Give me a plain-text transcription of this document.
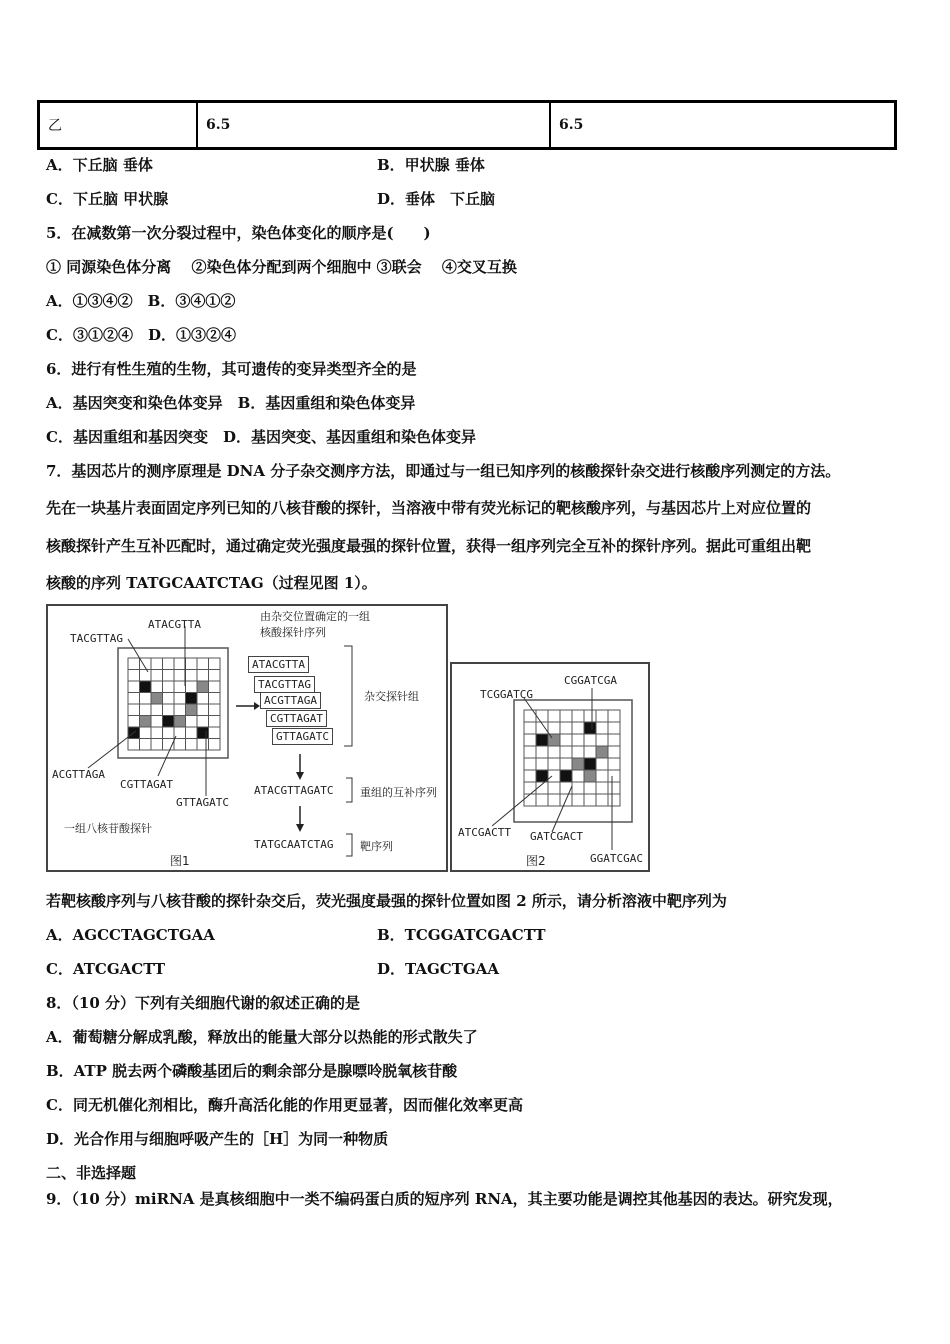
乙	6.5	6.5
A．下丘脑 垂体	B．甲状腺 垂体
C．下丘脑 甲状腺	D．垂体　下丘脑
5．在减数第一次分裂过程中，染色体变化的顺序是(　　)
① 同源染色体分离　 ②染色体分配到两个细胞中 ③联会　 ④交叉互换
A．①③④②　B．③④①②
C．③①②④　D．①③②④
6．进行有性生殖的生物，其可遗传的变异类型齐全的是
A．基因突变和染色体变异　B．基因重组和染色体变异
C．基因重组和基因突变　D．基因突变、基因重组和染色体变异
7．基因芯片的测序原理是 DNA 分子杂交测序方法，即通过与一组已知序列的核酸探针杂交进行核酸序列测定的方法。
先在一块基片表面固定序列已知的八核苷酸的探针，当溶液中带有荧光标记的靶核酸序列，与基因芯片上对应位置的
核酸探针产生互补匹配时，通过确定荧光强度最强的探针位置，获得一组序列完全互补的探针序列。据此可重组出靶
核酸的序列 TATGCAATCTAG（过程见图 1）。
TACGTTAG
ATACGTTA
ACGTTAGA
CGTTAGAT
GTTAGATC
由杂交位置确定的一组
核酸探针序列
ATACGTTA
TACGTTAG
ACGTTAGA
CGTTAGAT
GTTAGATC
杂交探针组
ATACGTTAGATC 重组的互补序列
TATGCAATCTAG 靶序列
一组八核苷酸探针
图1
CGGATCGA
TCGGATCG
ATCGACTT GATCGACT
GGATCGAC
图2
若靶核酸序列与八核苷酸的探针杂交后，荧光强度最强的探针位置如图 2 所示，请分析溶液中靶序列为
A．AGCCTAGCTGAA	B．TCGGATCGACTT
C．ATCGACTT	D．TAGCTGAA
8．（10 分）下列有关细胞代谢的叙述正确的是
A．葡萄糖分解成乳酸，释放出的能量大部分以热能的形式散失了
B．ATP 脱去两个磷酸基团后的剩余部分是腺嘌呤脱氧核苷酸
C．同无机催化剂相比，酶升高活化能的作用更显著，因而催化效率更高
D．光合作用与细胞呼吸产生的［H］为同一种物质
二、非选择题
9．（10 分）miRNA 是真核细胞中一类不编码蛋白质的短序列 RNA，其主要功能是调控其他基因的表达。研究发现，
